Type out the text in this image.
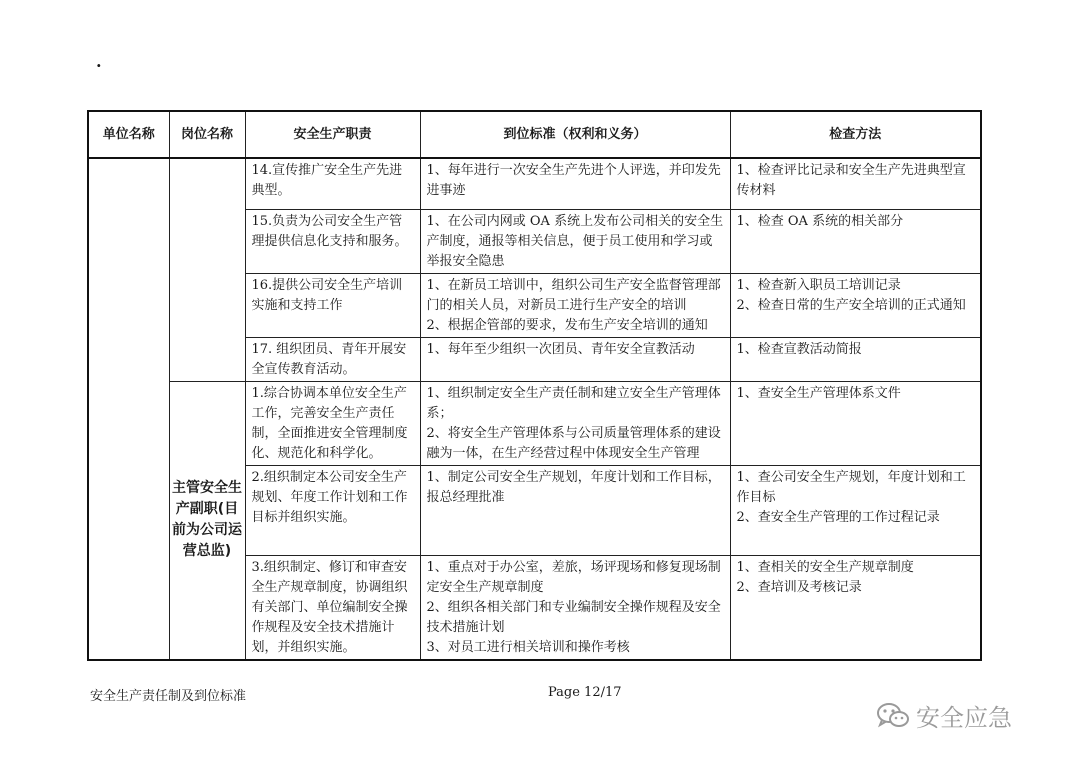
.
单位名称	岗位名称	安全生产职责	到位标准（权利和义务）	检查方法
		14.宣传推广安全生产先进典型。	1、每年进行一次安全生产先进个人评选，并印发先进事迹	1、检查评比记录和安全生产先进典型宣传材料

		15.负责为公司安全生产管理提供信息化支持和服务。	1、在公司内网或 OA 系统上发布公司相关的安全生产制度，通报等相关信息，便于员工使用和学习或举报安全隐患	1、检查 OA 系统的相关部分

		16.提供公司安全生产培训实施和支持工作	1、在新员工培训中，组织公司生产安全监督管理部门的相关人员，对新员工进行生产安全的培训
2、根据企管部的要求，发布生产安全培训的通知	1、检查新入职员工培训记录
2、检查日常的生产安全培训的正式通知

		17. 组织团员、青年开展安全宣传教育活动。	1、每年至少组织一次团员、青年安全宣教活动	1、检查宣教活动简报

	主管安全生产副职(目前为公司运营总监)	1.综合协调本单位安全生产工作，完善安全生产责任制，全面推进安全管理制度化、规范化和科学化。	1、组织制定安全生产责任制和建立安全生产管理体系；
2、将安全生产管理体系与公司质量管理体系的建设融为一体，在生产经营过程中体现安全生产管理	1、查安全生产管理体系文件

		2.组织制定本公司安全生产规划、年度工作计划和工作目标并组织实施。	1、制定公司安全生产规划，年度计划和工作目标，报总经理批准	1、查公司安全生产规划，年度计划和工作目标
2、查安全生产管理的工作过程记录

		3.组织制定、修订和审查安全生产规章制度，协调组织有关部门、单位编制安全操作规程及安全技术措施计划，并组织实施。	1、重点对于办公室，差旅，场评现场和修复现场制定安全生产规章制度
2、组织各相关部门和专业编制安全操作规程及安全技术措施计划
3、对员工进行相关培训和操作考核	1、查相关的安全生产规章制度
2、查培训及考核记录
安全生产责任制及到位标准	Page 12/17
安全应急
